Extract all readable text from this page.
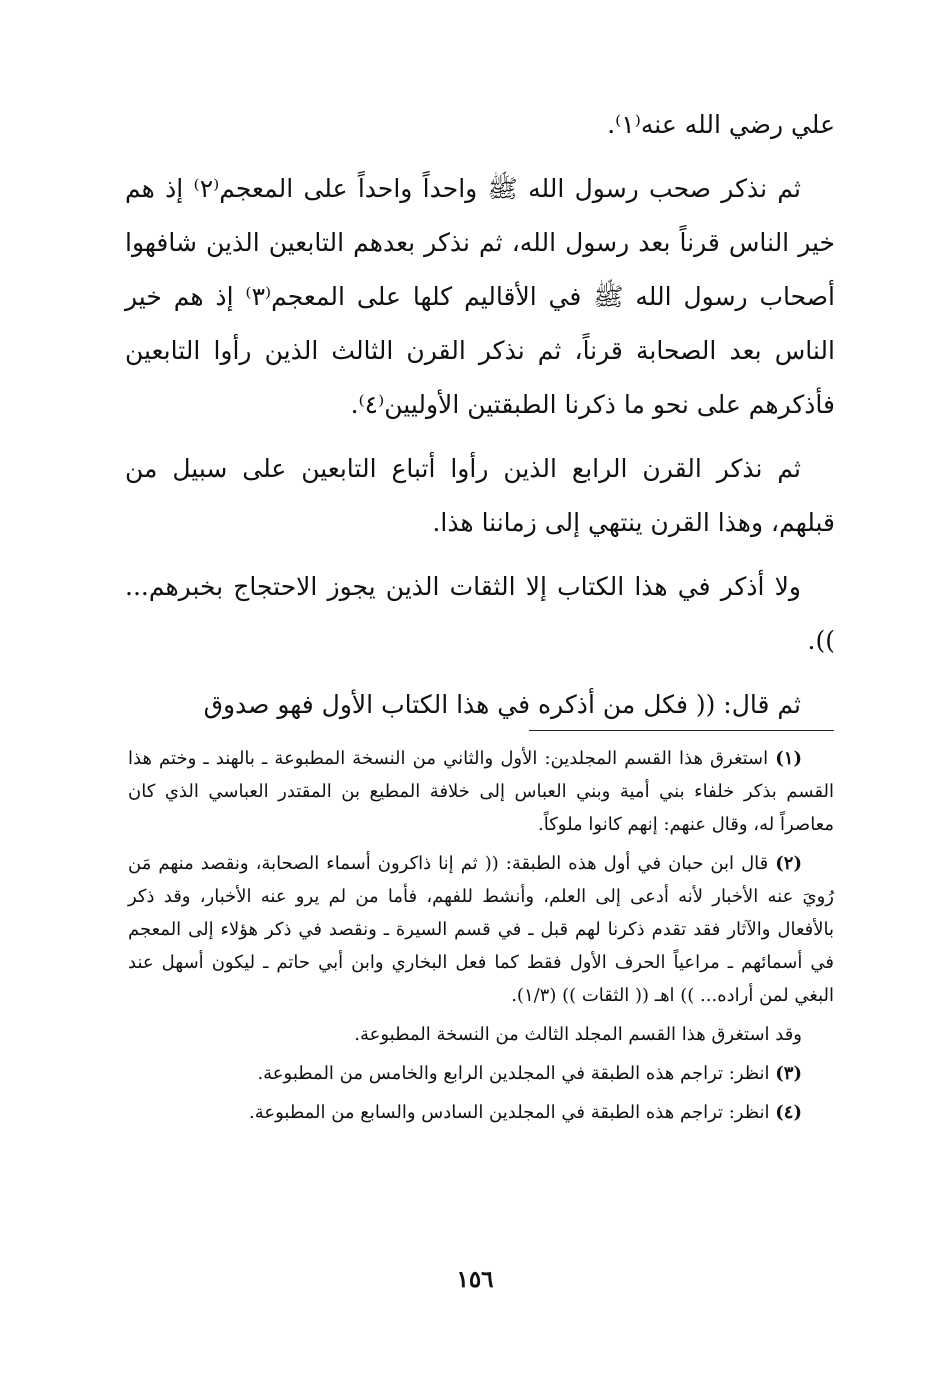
علي رضي الله عنه⁽١⁾.

ثم نذكر صحب رسول الله ﷺ واحداً واحداً على المعجم⁽٢⁾ إذ هم خير الناس قرناً بعد رسول الله، ثم نذكر بعدهم التابعين الذين شافهوا أصحاب رسول الله ﷺ في الأقاليم كلها على المعجم⁽٣⁾ إذ هم خير الناس بعد الصحابة قرناً، ثم نذكر القرن الثالث الذين رأوا التابعين فأذكرهم على نحو ما ذكرنا الطبقتين الأوليين⁽٤⁾.

ثم نذكر القرن الرابع الذين رأوا أتباع التابعين على سبيل من قبلهم، وهذا القرن ينتهي إلى زماننا هذا.

ولا أذكر في هذا الكتاب إلا الثقات الذين يجوز الاحتجاج بخبرهم... )).

ثم قال: (( فكل من أذكره في هذا الكتاب الأول فهو صدوق

(١) استغرق هذا القسم المجلدين: الأول والثاني من النسخة المطبوعة ـ بالهند ـ وختم هذا القسم بذكر خلفاء بني أمية وبني العباس إلى خلافة المطيع بن المقتدر العباسي الذي كان معاصراً له، وقال عنهم: إنهم كانوا ملوكاً.

(٢) قال ابن حبان في أول هذه الطبقة: (( ثم إنا ذاكرون أسماء الصحابة، ونقصد منهم مَن رُويَ عنه الأخبار لأنه أدعى إلى العلم، وأنشط للفهم، فأما من لم يرو عنه الأخبار، وقد ذكر بالأفعال والآثار فقد تقدم ذكرنا لهم قبل ـ في قسم السيرة ـ ونقصد في ذكر هؤلاء إلى المعجم في أسمائهم ـ مراعياً الحرف الأول فقط كما فعل البخاري وابن أبي حاتم ـ ليكون أسهل عند البغي لمن أراده... )) اهـ (( الثقات )) (١/٣).

وقد استغرق هذا القسم المجلد الثالث من النسخة المطبوعة.

(٣) انظر: تراجم هذه الطبقة في المجلدين الرابع والخامس من المطبوعة.

(٤) انظر: تراجم هذه الطبقة في المجلدين السادس والسابع من المطبوعة.

١٥٦
